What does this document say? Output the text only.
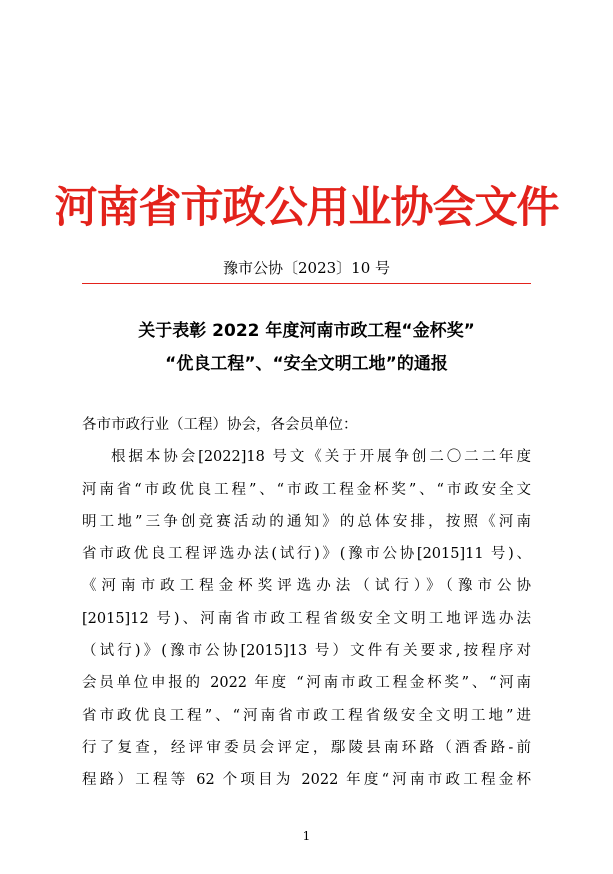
河南省市政公用业协会文件
豫市公协〔2023〕10 号
关于表彰 2022 年度河南市政工程“金杯奖”
“优良工程”、“安全文明工地”的通报
各市市政行业（工程）协会，各会员单位：
根据本协会[2022]18 号文《关于开展争创二〇二二年度
河南省“市政优良工程”、“市政工程金杯奖”、“市政安全文
明工地”三争创竞赛活动的通知》的总体安排，按照《河南
省市政优良工程评选办法(试行)》(豫市公协[2015]11 号)、
《河南市政工程金杯奖评选办法（试行）》（豫市公协
[2015]12 号)、河南省市政工程省级安全文明工地评选办法
（试行)》(豫市公协[2015]13 号）文件有关要求,按程序对
会员单位申报的 2022 年度 “河南市政工程金杯奖”、“河南
省市政优良工程”、“河南省市政工程省级安全文明工地”进
行了复查，经评审委员会评定，鄢陵县南环路（酒香路-前
程路）工程等 62 个项目为 2022 年度“河南市政工程金杯
1
